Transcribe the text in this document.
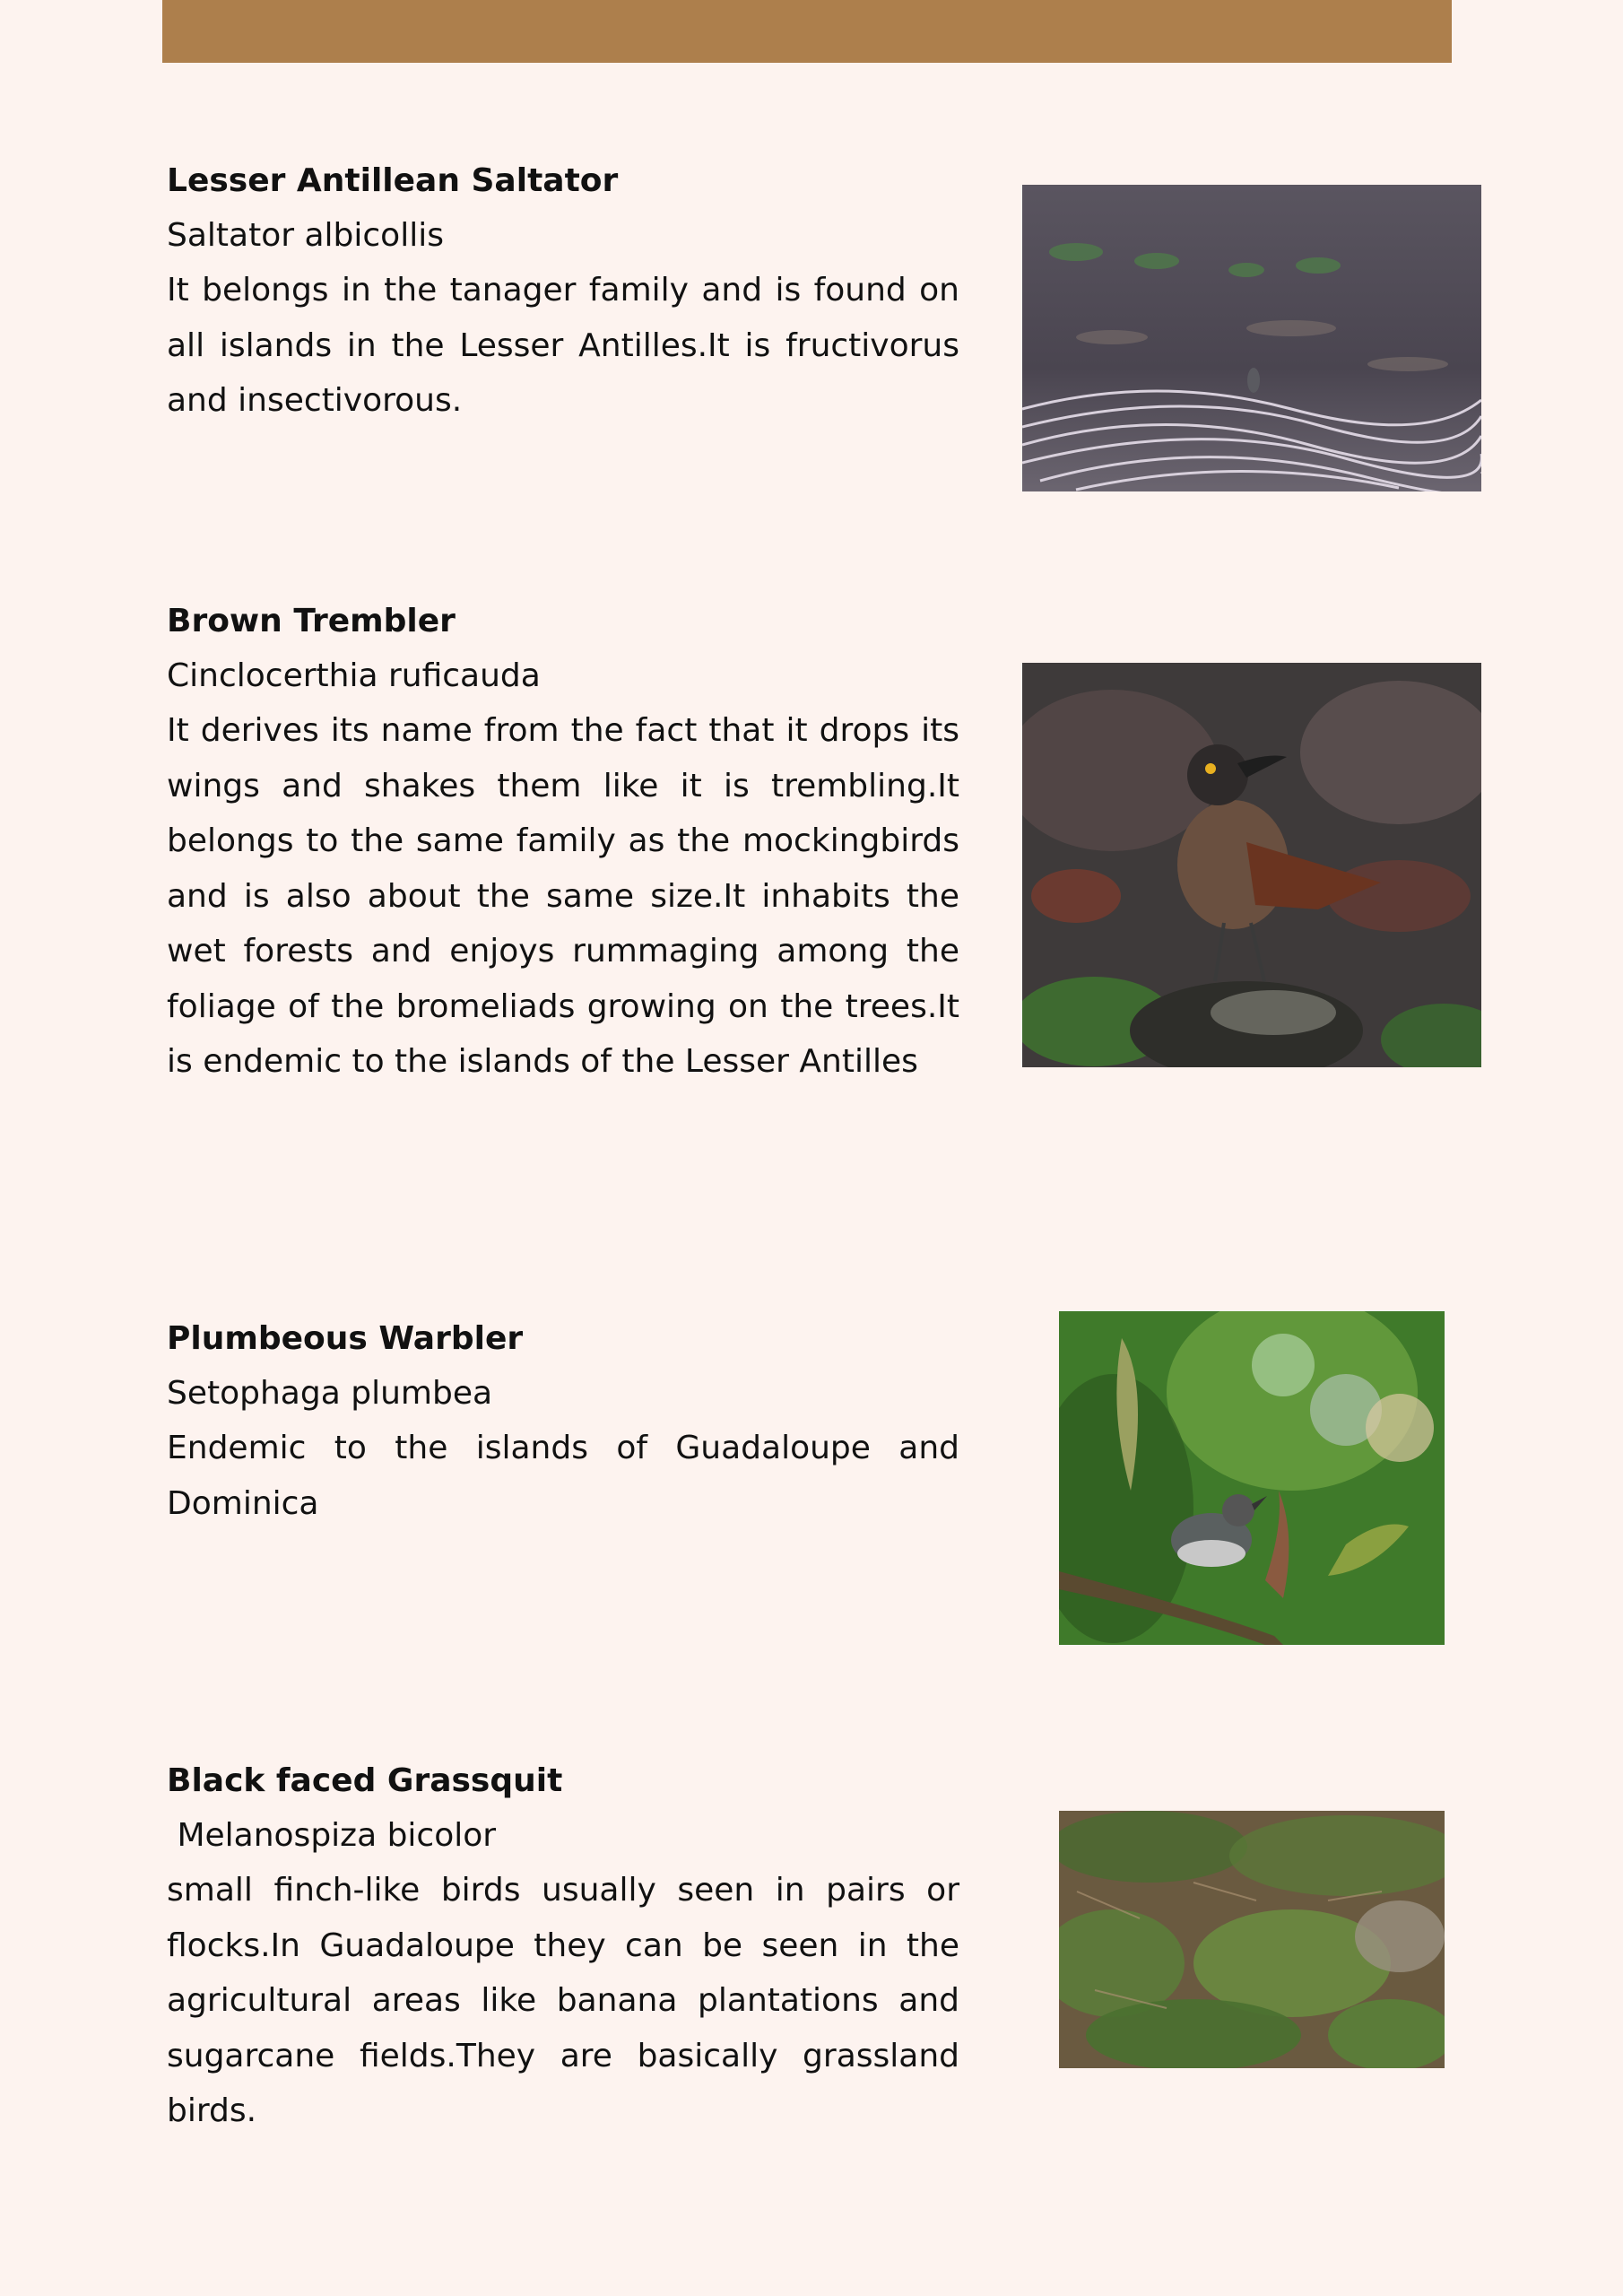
Lesser Antillean Saltator

Saltator albicollis

It belongs in the tanager family and is found on all islands in the Lesser Antilles.It is fructivorus and insectivorous.

Brown Trembler

Cinclocerthia ruficauda

It derives its name from the fact that it drops its wings and shakes them like it is trembling.It belongs to the same family as the mockingbirds and is also about the same size.It inhabits the wet forests and enjoys rummaging among the foliage of the bromeliads growing on the trees.It is endemic to the islands of the Lesser Antilles

Plumbeous Warbler

Setophaga plumbea

Endemic to the islands of Guadaloupe and Dominica

Black faced Grassquit

Melanospiza bicolor

small finch-like birds usually seen in pairs or flocks.In Guadaloupe they can be seen in the agricultural areas like banana plantations and sugarcane fields.They are basically grassland birds.
